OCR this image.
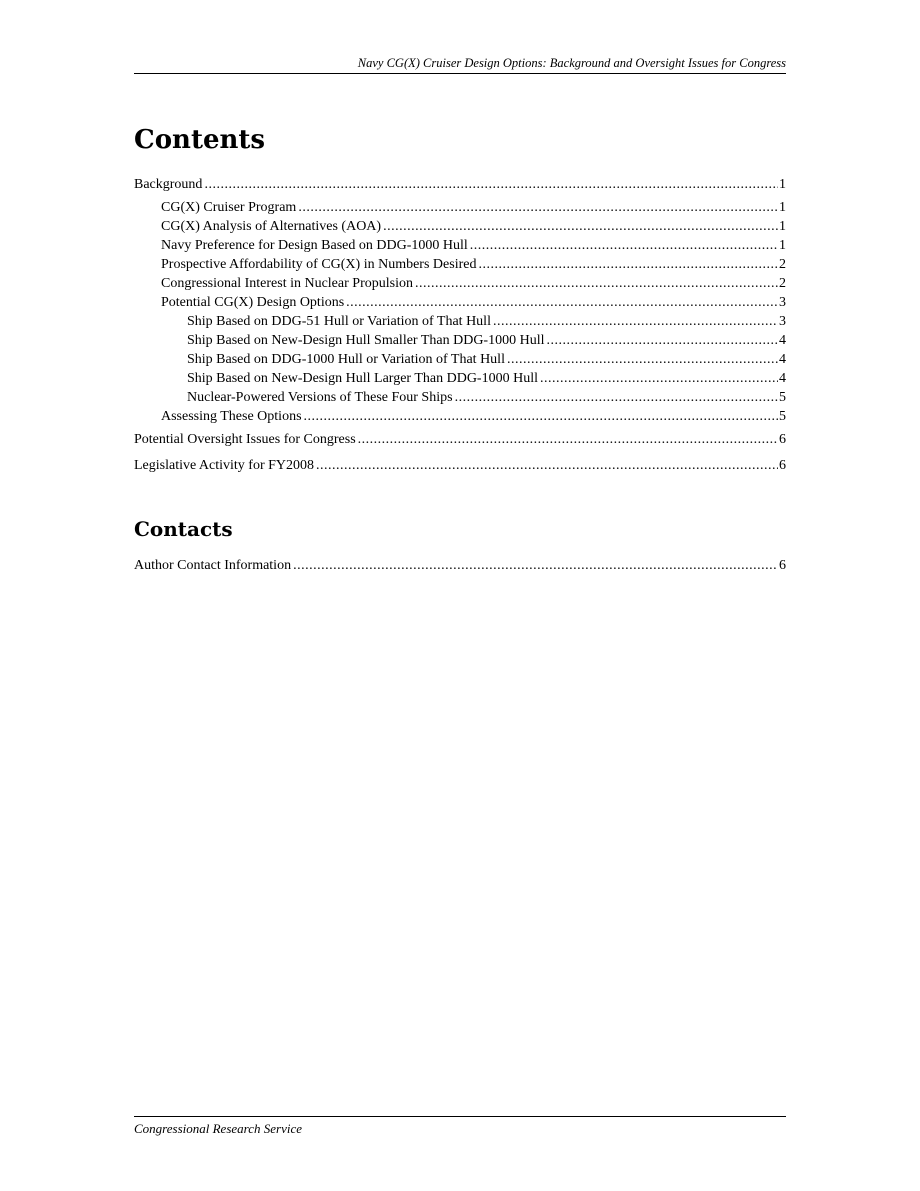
Navy CG(X) Cruiser Design Options: Background and Oversight Issues for Congress
Contents
Background .....	1
CG(X) Cruiser Program .....	1
CG(X) Analysis of Alternatives (AOA) .....	1
Navy Preference for Design Based on DDG-1000 Hull .....	1
Prospective Affordability of CG(X) in Numbers Desired .....	2
Congressional Interest in Nuclear Propulsion .....	2
Potential CG(X) Design Options .....	3
Ship Based on DDG-51 Hull or Variation of That Hull .....	3
Ship Based on New-Design Hull Smaller Than DDG-1000 Hull .....	4
Ship Based on DDG-1000 Hull or Variation of That Hull .....	4
Ship Based on New-Design Hull Larger Than DDG-1000 Hull .....	4
Nuclear-Powered Versions of These Four Ships .....	5
Assessing These Options .....	5
Potential Oversight Issues for Congress .....	6
Legislative Activity for FY2008 .....	6
Contacts
Author Contact Information .....	6
Congressional Research Service
